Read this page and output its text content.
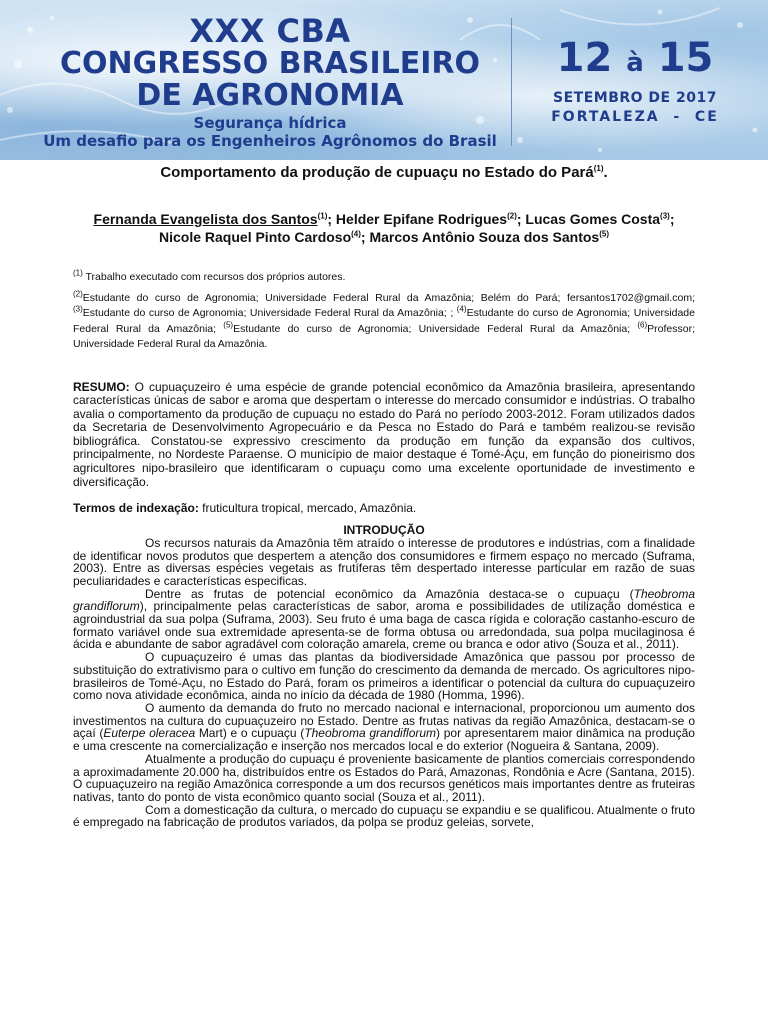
XXX CBA
CONGRESSO BRASILEIRO
DE AGRONOMIA
Segurança hídrica
Um desafio para os Engenheiros Agrônomos do Brasil
12 à 15
SETEMBRO DE 2017
FORTALEZA  -  CE
Comportamento da produção de cupuaçu no Estado do Pará$^{(1)}$.
Fernanda Evangelista dos Santos$^{(1)}$; Helder Epifane Rodrigues$^{(2)}$; Lucas Gomes Costa$^{(3)}$; Nicole Raquel Pinto Cardoso$^{(4)}$; Marcos Antônio Souza dos Santos$^{(5)}$

$^{(1)}$ Trabalho executado com recursos dos próprios autores.

$^{(2)}$Estudante do curso de Agronomia; Universidade Federal Rural da Amazônia; Belém do Pará; fersantos1702@gmail.com; $^{(3)}$Estudante do curso de Agronomia; Universidade Federal Rural da Amazônia; ; $^{(4)}$Estudante do curso de Agronomia; Universidade Federal Rural da Amazônia; $^{(5)}$Estudante do curso de Agronomia; Universidade Federal Rural da Amazônia; $^{(6)}$Professor; Universidade Federal Rural da Amazônia.

RESUMO: O cupuaçuzeiro é uma espécie de grande potencial econômico da Amazônia brasileira, apresentando características únicas de sabor e aroma que despertam o interesse do mercado consumidor e indústrias. O trabalho avalia o comportamento da produção de cupuaçu no estado do Pará no período 2003-2012. Foram utilizados dados da Secretaria de Desenvolvimento Agropecuário e da Pesca no Estado do Pará e também realizou-se revisão bibliográfica. Constatou-se expressivo crescimento da produção em função da expansão dos cultivos, principalmente, no Nordeste Paraense. O município de maior destaque é Tomé-Açu, em função do pioneirismo dos agricultores nipo-brasileiro que identificaram o cupuaçu como uma excelente oportunidade de investimento e diversificação.
Termos de indexação: fruticultura tropical, mercado, Amazônia.
INTRODUÇÃO

Os recursos naturais da Amazônia têm atraído o interesse de produtores e indústrias, com a finalidade de identificar novos produtos que despertem a atenção dos consumidores e firmem espaço no mercado (Suframa, 2003). Entre as diversas espécies vegetais as frutíferas têm despertado interesse particular em razão de suas peculiaridades e características especificas.

Dentre as frutas de potencial econômico da Amazônia destaca-se o cupuaçu (Theobroma grandiflorum), principalmente pelas características de sabor, aroma e possibilidades de utilização doméstica e agroindustrial da sua polpa (Suframa, 2003). Seu fruto é uma baga de casca rígida e coloração castanho-escuro de formato variável onde sua extremidade apresenta-se de forma obtusa ou arredondada, sua polpa mucilaginosa é ácida e abundante de sabor agradável com coloração amarela, creme ou branca e odor ativo (Souza et al., 2011).

O cupuaçuzeiro é umas das plantas da biodiversidade Amazônica que passou por processo de substituição do extrativismo para o cultivo em função do crescimento da demanda de mercado. Os agricultores nipo-brasileiros de Tomé-Açu, no Estado do Pará, foram os primeiros a identificar o potencial da cultura do cupuaçuzeiro como nova atividade econômica, ainda no início da década de 1980 (Homma, 1996).

O aumento da demanda do fruto no mercado nacional e internacional, proporcionou um aumento dos investimentos na cultura do cupuaçuzeiro no Estado. Dentre as frutas nativas da região Amazônica, destacam-se o açaí (Euterpe oleracea Mart) e o cupuaçu (Theobroma grandiflorum) por apresentarem maior dinâmica na produção e uma crescente na comercialização e inserção nos mercados local e do exterior (Nogueira & Santana, 2009).

Atualmente a produção do cupuaçu é proveniente basicamente de plantios comerciais correspondendo a aproximadamente 20.000 ha, distribuídos entre os Estados do Pará, Amazonas, Rondônia e Acre (Santana, 2015). O cupuaçuzeiro na região Amazônica corresponde a um dos recursos genéticos mais importantes dentre as fruteiras nativas, tanto do ponto de vista econômico quanto social (Souza et al., 2011).

Com a domesticação da cultura, o mercado do cupuaçu se expandiu e se qualificou. Atualmente o fruto é empregado na fabricação de produtos variados, da polpa se produz geleias, sorvete,
